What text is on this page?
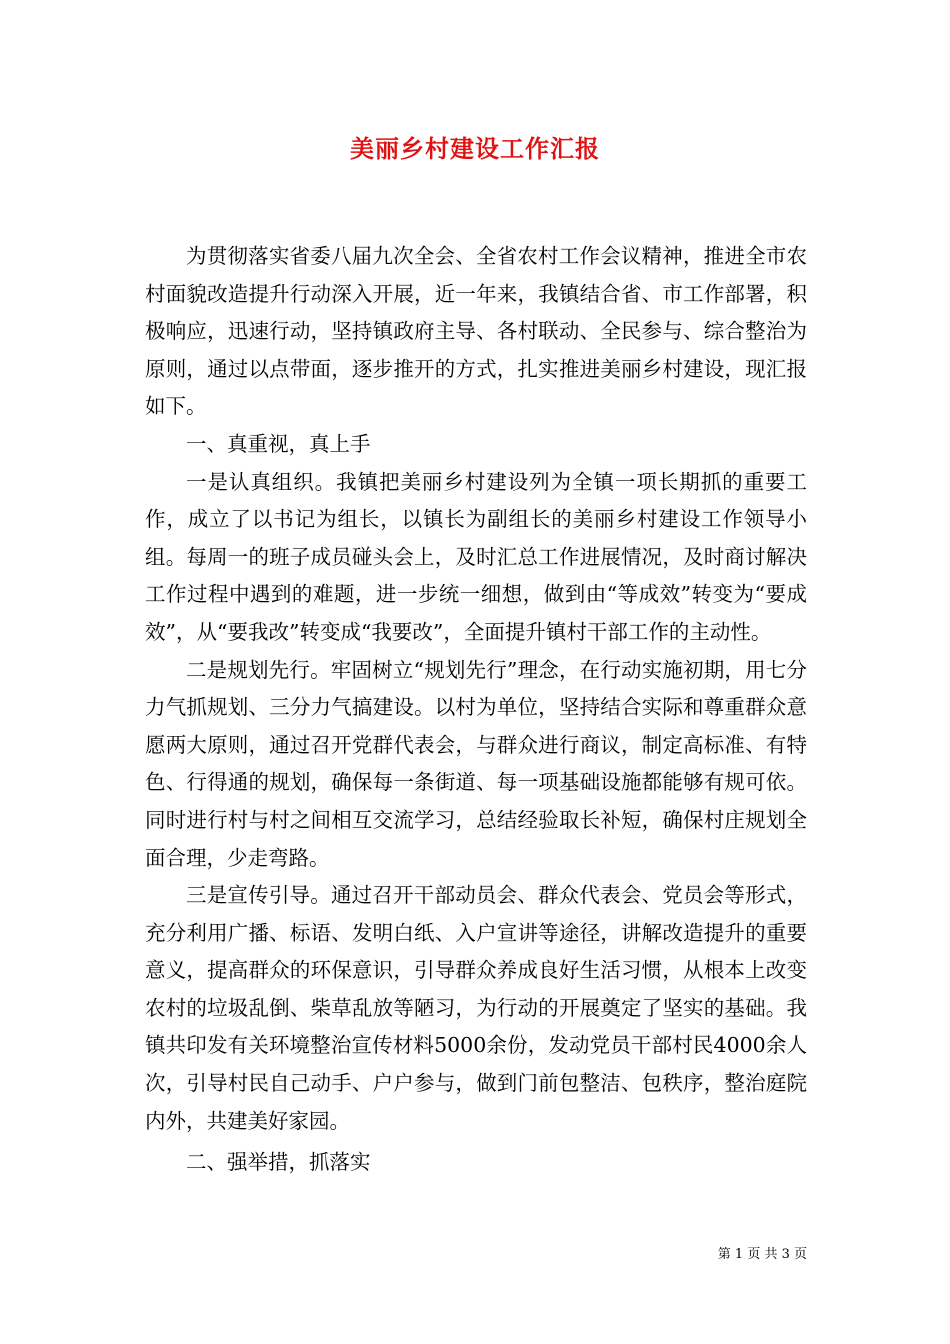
美丽乡村建设工作汇报

为贯彻落实省委八届九次全会、全省农村工作会议精神，推进全市农村面貌改造提升行动深入开展，近一年来，我镇结合省、市工作部署，积极响应，迅速行动，坚持镇政府主导、各村联动、全民参与、综合整治为原则，通过以点带面，逐步推开的方式，扎实推进美丽乡村建设，现汇报如下。

一、真重视，真上手

一是认真组织。我镇把美丽乡村建设列为全镇一项长期抓的重要工作，成立了以书记为组长，以镇长为副组长的美丽乡村建设工作领导小组。每周一的班子成员碰头会上，及时汇总工作进展情况，及时商讨解决工作过程中遇到的难题，进一步统一细想，做到由“等成效”转变为“要成效”，从“要我改”转变成“我要改”，全面提升镇村干部工作的主动性。

二是规划先行。牢固树立“规划先行”理念，在行动实施初期，用七分力气抓规划、三分力气搞建设。以村为单位，坚持结合实际和尊重群众意愿两大原则，通过召开党群代表会，与群众进行商议，制定高标准、有特色、行得通的规划，确保每一条街道、每一项基础设施都能够有规可依。同时进行村与村之间相互交流学习，总结经验取长补短，确保村庄规划全面合理，少走弯路。

三是宣传引导。通过召开干部动员会、群众代表会、党员会等形式，充分利用广播、标语、发明白纸、入户宣讲等途径，讲解改造提升的重要意义，提高群众的环保意识，引导群众养成良好生活习惯，从根本上改变农村的垃圾乱倒、柴草乱放等陋习，为行动的开展奠定了坚实的基础。我镇共印发有关环境整治宣传材料5000余份，发动党员干部村民4000余人次，引导村民自己动手、户户参与，做到门前包整洁、包秩序，整治庭院内外，共建美好家园。

二、强举措，抓落实

第 1 页 共 3 页
